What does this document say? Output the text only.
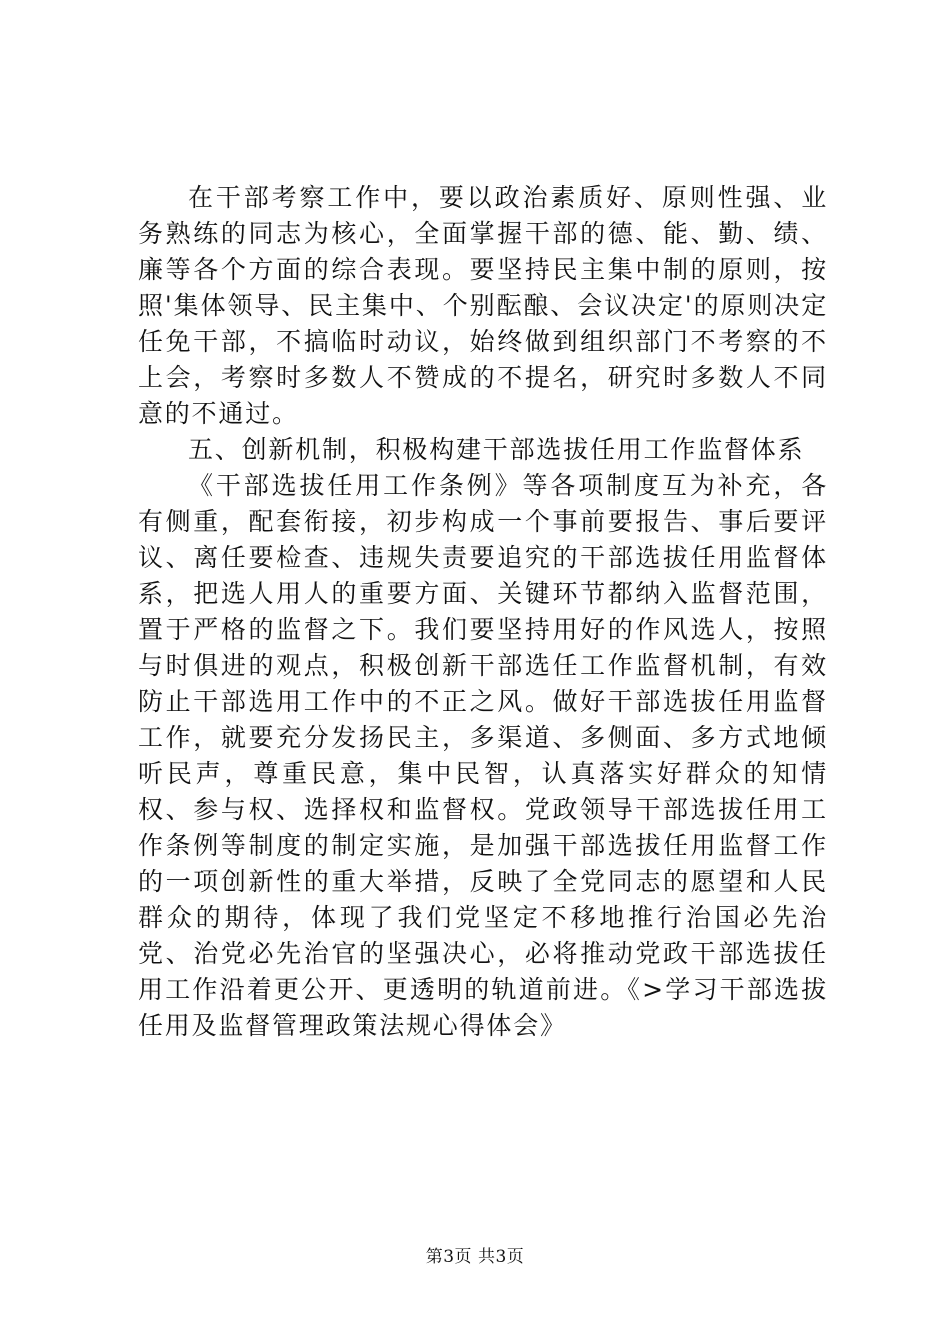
在干部考察工作中，要以政治素质好、原则性强、业务熟练的同志为核心，全面掌握干部的德、能、勤、绩、廉等各个方面的综合表现。要坚持民主集中制的原则，按照'集体领导、民主集中、个别酝酿、会议决定'的原则决定任免干部，不搞临时动议，始终做到组织部门不考察的不上会，考察时多数人不赞成的不提名，研究时多数人不同意的不通过。

五、创新机制，积极构建干部选拔任用工作监督体系

《干部选拔任用工作条例》等各项制度互为补充，各有侧重，配套衔接，初步构成一个事前要报告、事后要评议、离任要检查、违规失责要追究的干部选拔任用监督体系，把选人用人的重要方面、关键环节都纳入监督范围，置于严格的监督之下。我们要坚持用好的作风选人，按照与时俱进的观点，积极创新干部选任工作监督机制，有效防止干部选用工作中的不正之风。做好干部选拔任用监督工作，就要充分发扬民主，多渠道、多侧面、多方式地倾听民声，尊重民意，集中民智，认真落实好群众的知情权、参与权、选择权和监督权。党政领导干部选拔任用工作条例等制度的制定实施，是加强干部选拔任用监督工作的一项创新性的重大举措，反映了全党同志的愿望和人民群众的期待，体现了我们党坚定不移地推行治国必先治党、治党必先治官的坚强决心，必将推动党政干部选拔任用工作沿着更公开、更透明的轨道前进。《>学习干部选拔任用及监督管理政策法规心得体会》

第3页 共3页
